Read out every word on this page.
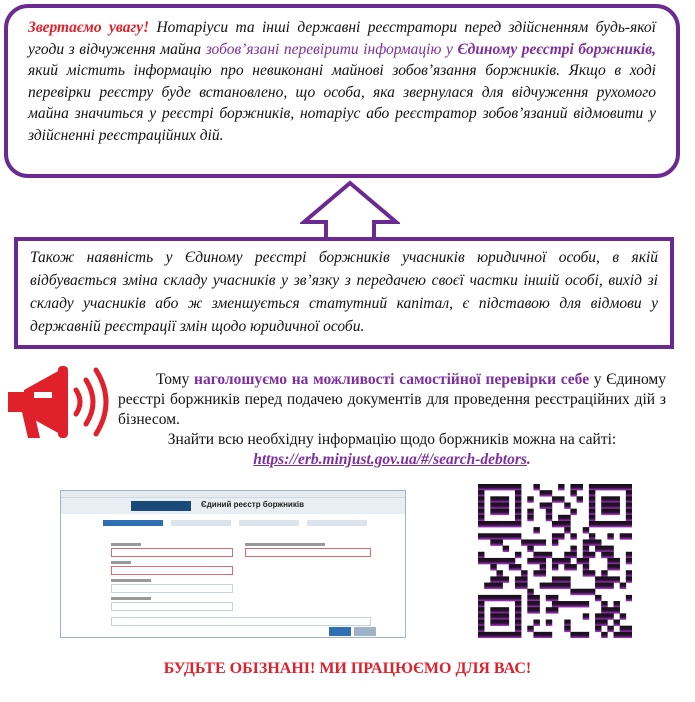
Звертаємо увагу! Нотаріуси та інші державні реєстратори перед здійсненням будь-якої угоди з відчуження майна зобов’язані перевірити інформацію у Єдиному реєстрі боржників, який містить інформацію про невиконані майнові зобов’язання боржників. Якщо в ході перевірки реєстру буде встановлено, що особа, яка звернулася для відчуження рухомого майна значиться у реєстрі боржників, нотаріус або реєстратор зобов’язаний відмовити у здійсненні реєстраційних дій.
Також наявність у Єдиному реєстрі боржників учасників юридичної особи, в якій відбувається зміна складу учасників у зв’язку з передачею своєї частки іншій особі, вихід зі складу учасників або ж зменшується статутний капітал, є підставою для відмови у державній реєстрації змін щодо юридичної особи.

Тому наголошуємо на можливості самостійної перевірки себе у Єдиному реєстрі боржників перед подачею документів для проведення реєстраційних дій з бізнесом.

Знайти всю необхідну інформацію щодо боржників можна на сайті:
https://erb.minjust.gov.ua/#/search-debtors.

Єдиний реєстр боржників
БУДЬТЕ ОБІЗНАНІ! МИ ПРАЦЮЄМО ДЛЯ ВАС!
